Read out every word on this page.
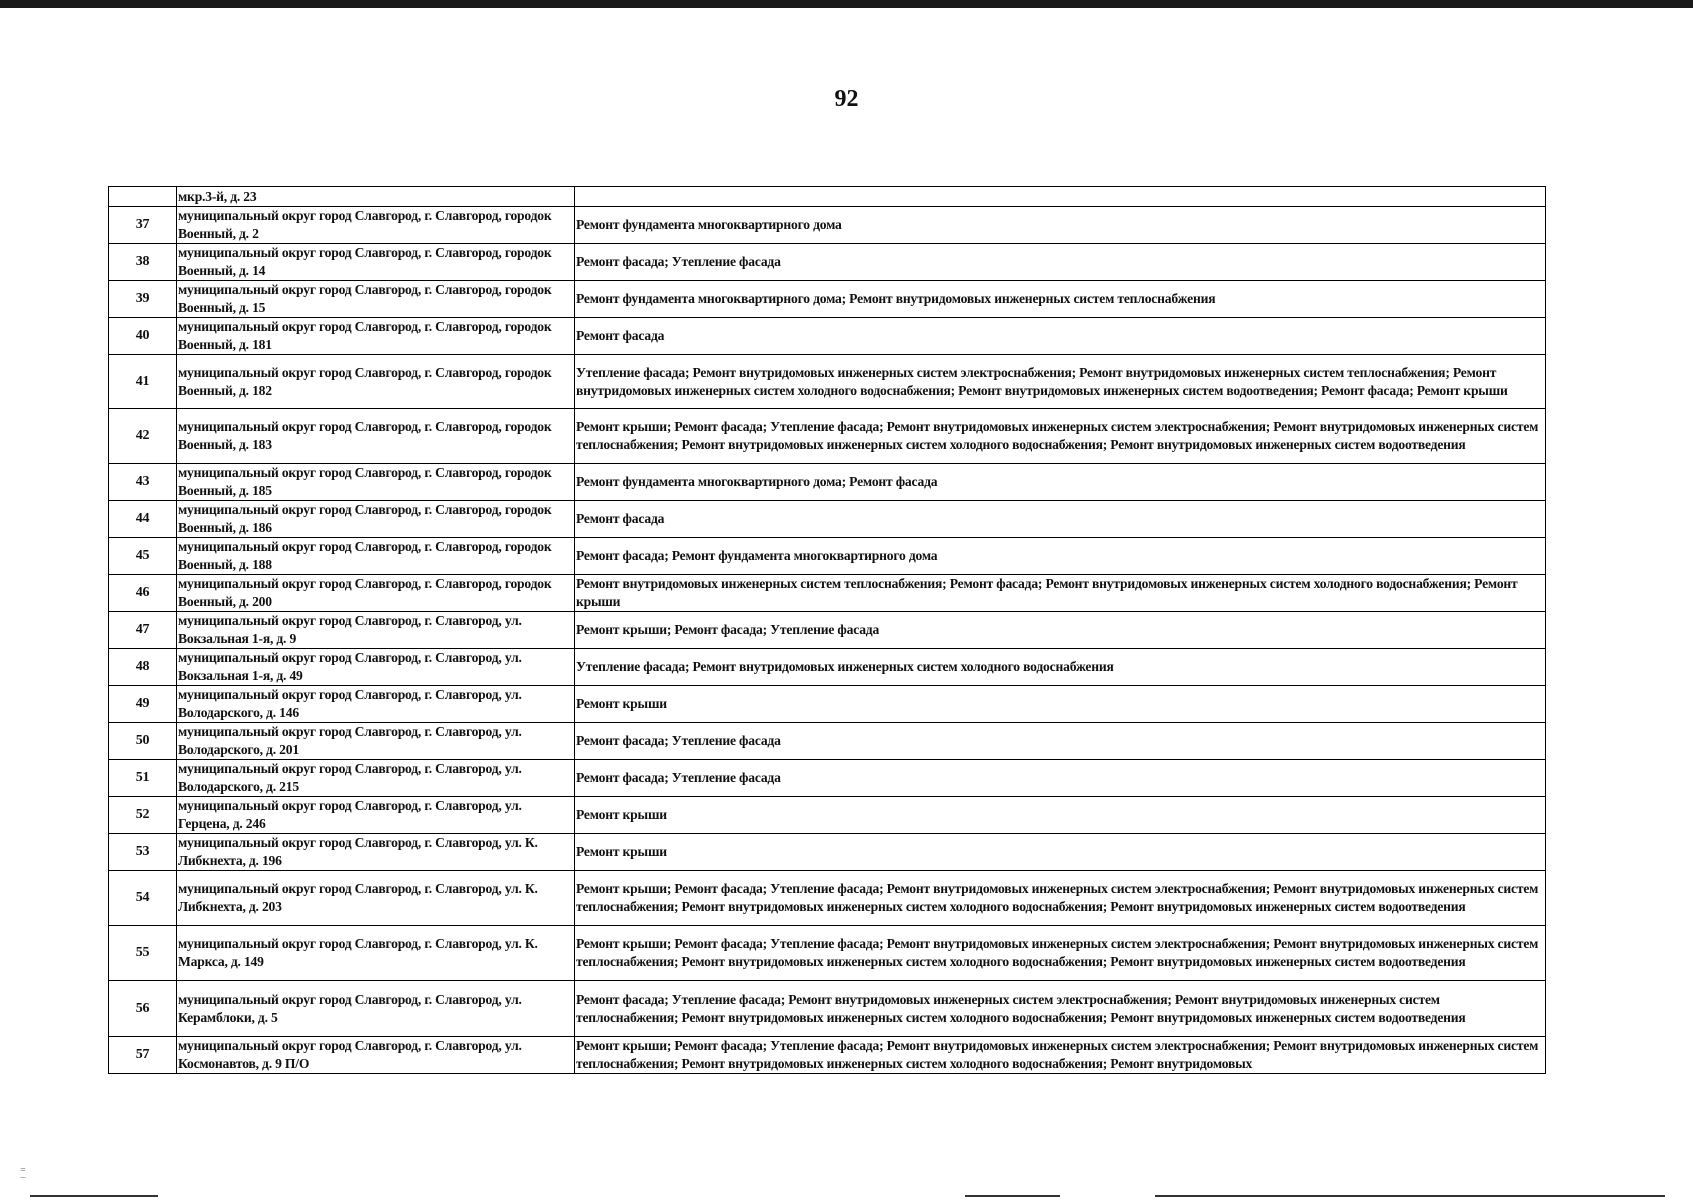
92
	мкр.3-й, д. 23	
37	муниципальный округ город Славгород, г. Славгород, городок Военный, д. 2	Ремонт фундамента многоквартирного дома
38	муниципальный округ город Славгород, г. Славгород, городок Военный, д. 14	Ремонт фасада; Утепление фасада
39	муниципальный округ город Славгород, г. Славгород, городок Военный, д. 15	Ремонт фундамента многоквартирного дома; Ремонт внутридомовых инженерных систем теплоснабжения
40	муниципальный округ город Славгород, г. Славгород, городок Военный, д. 181	Ремонт фасада
41	муниципальный округ город Славгород, г. Славгород, городок Военный, д. 182	Утепление фасада; Ремонт внутридомовых инженерных систем электроснабжения; Ремонт внутридомовых инженерных систем теплоснабжения; Ремонт внутридомовых инженерных систем холодного водоснабжения; Ремонт внутридомовых инженерных систем водоотведения; Ремонт фасада; Ремонт крыши
42	муниципальный округ город Славгород, г. Славгород, городок Военный, д. 183	Ремонт крыши; Ремонт фасада; Утепление фасада; Ремонт внутридомовых инженерных систем электроснабжения; Ремонт внутридомовых инженерных систем теплоснабжения; Ремонт внутридомовых инженерных систем холодного водоснабжения; Ремонт внутридомовых инженерных систем водоотведения
43	муниципальный округ город Славгород, г. Славгород, городок Военный, д. 185	Ремонт фундамента многоквартирного дома; Ремонт фасада
44	муниципальный округ город Славгород, г. Славгород, городок Военный, д. 186	Ремонт фасада
45	муниципальный округ город Славгород, г. Славгород, городок Военный, д. 188	Ремонт фасада; Ремонт фундамента многоквартирного дома
46	муниципальный округ город Славгород, г. Славгород, городок Военный, д. 200	Ремонт внутридомовых инженерных систем теплоснабжения; Ремонт фасада; Ремонт внутридомовых инженерных систем холодного водоснабжения; Ремонт крыши
47	муниципальный округ город Славгород, г. Славгород, ул. Вокзальная 1-я, д. 9	Ремонт крыши; Ремонт фасада; Утепление фасада
48	муниципальный округ город Славгород, г. Славгород, ул. Вокзальная 1-я, д. 49	Утепление фасада; Ремонт внутридомовых инженерных систем холодного водоснабжения
49	муниципальный округ город Славгород, г. Славгород, ул. Володарского, д. 146	Ремонт крыши
50	муниципальный округ город Славгород, г. Славгород, ул. Володарского, д. 201	Ремонт фасада; Утепление фасада
51	муниципальный округ город Славгород, г. Славгород, ул. Володарского, д. 215	Ремонт фасада; Утепление фасада
52	муниципальный округ город Славгород, г. Славгород, ул. Герцена, д. 246	Ремонт крыши
53	муниципальный округ город Славгород, г. Славгород, ул. К. Либкнехта, д. 196	Ремонт крыши
54	муниципальный округ город Славгород, г. Славгород, ул. К. Либкнехта, д. 203	Ремонт крыши; Ремонт фасада; Утепление фасада; Ремонт внутридомовых инженерных систем электроснабжения; Ремонт внутридомовых инженерных систем теплоснабжения; Ремонт внутридомовых инженерных систем холодного водоснабжения; Ремонт внутридомовых инженерных систем водоотведения
55	муниципальный округ город Славгород, г. Славгород, ул. К. Маркса, д. 149	Ремонт крыши; Ремонт фасада; Утепление фасада; Ремонт внутридомовых инженерных систем электроснабжения; Ремонт внутридомовых инженерных систем теплоснабжения; Ремонт внутридомовых инженерных систем холодного водоснабжения; Ремонт внутридомовых инженерных систем водоотведения
56	муниципальный округ город Славгород, г. Славгород, ул. Керамблоки, д. 5	Ремонт фасада; Утепление фасада; Ремонт внутридомовых инженерных систем электроснабжения; Ремонт внутридомовых инженерных систем теплоснабжения; Ремонт внутридомовых инженерных систем холодного водоснабжения; Ремонт внутридомовых инженерных систем водоотведения
57	муниципальный округ город Славгород, г. Славгород, ул. Космонавтов, д. 9 П/О	Ремонт крыши; Ремонт фасада; Утепление фасада; Ремонт внутридомовых инженерных систем электроснабжения; Ремонт внутридомовых инженерных систем теплоснабжения; Ремонт внутридомовых инженерных систем холодного водоснабжения; Ремонт внутридомовых
⁼̲
